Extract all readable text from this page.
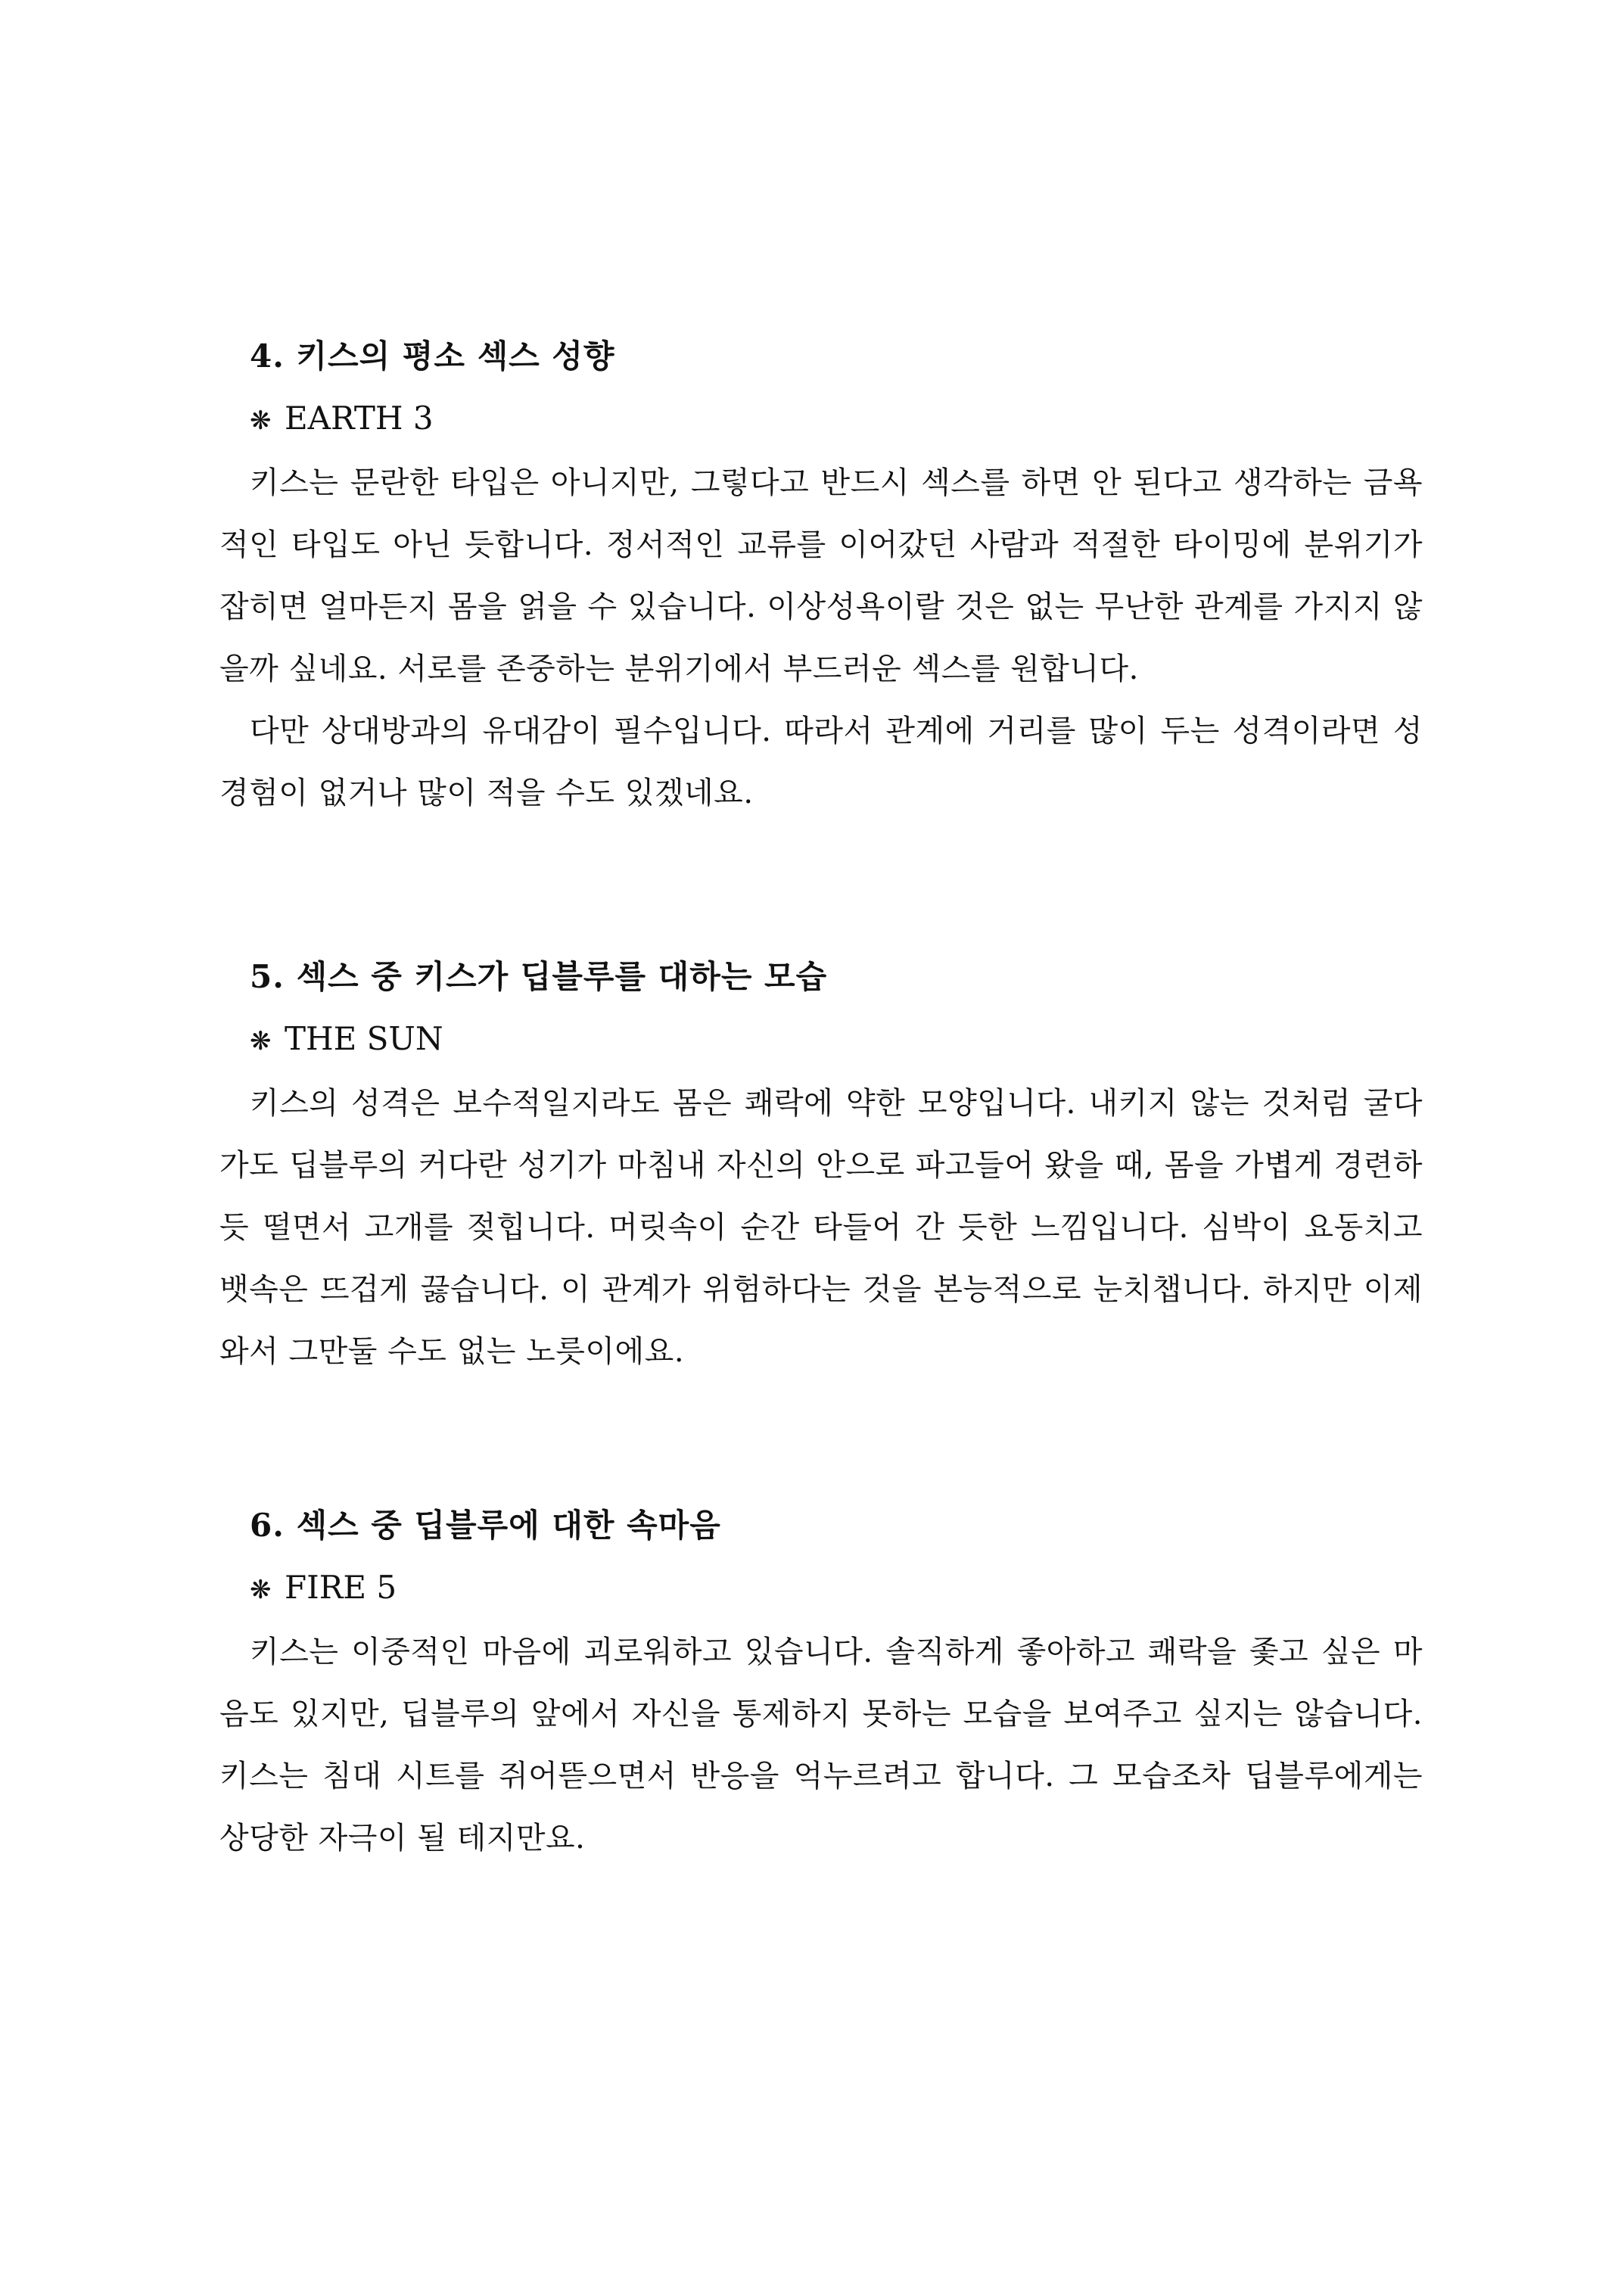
4. 키스의 평소 섹스 성향
❋ EARTH 3

키스는 문란한 타입은 아니지만, 그렇다고 반드시 섹스를 하면 안 된다고 생각하는 금욕적인 타입도 아닌 듯합니다. 정서적인 교류를 이어갔던 사람과 적절한 타이밍에 분위기가 잡히면 얼마든지 몸을 얽을 수 있습니다. 이상성욕이랄 것은 없는 무난한 관계를 가지지 않을까 싶네요. 서로를 존중하는 분위기에서 부드러운 섹스를 원합니다.

다만 상대방과의 유대감이 필수입니다. 따라서 관계에 거리를 많이 두는 성격이라면 성경험이 없거나 많이 적을 수도 있겠네요.

5. 섹스 중 키스가 딥블루를 대하는 모습
❋ THE SUN

키스의 성격은 보수적일지라도 몸은 쾌락에 약한 모양입니다. 내키지 않는 것처럼 굴다가도 딥블루의 커다란 성기가 마침내 자신의 안으로 파고들어 왔을 때, 몸을 가볍게 경련하듯 떨면서 고개를 젖힙니다. 머릿속이 순간 타들어 간 듯한 느낌입니다. 심박이 요동치고 뱃속은 뜨겁게 끓습니다. 이 관계가 위험하다는 것을 본능적으로 눈치챕니다. 하지만 이제 와서 그만둘 수도 없는 노릇이에요.

6. 섹스 중 딥블루에 대한 속마음
❋ FIRE 5

키스는 이중적인 마음에 괴로워하고 있습니다. 솔직하게 좋아하고 쾌락을 좇고 싶은 마음도 있지만, 딥블루의 앞에서 자신을 통제하지 못하는 모습을 보여주고 싶지는 않습니다. 키스는 침대 시트를 쥐어뜯으면서 반응을 억누르려고 합니다. 그 모습조차 딥블루에게는 상당한 자극이 될 테지만요.
